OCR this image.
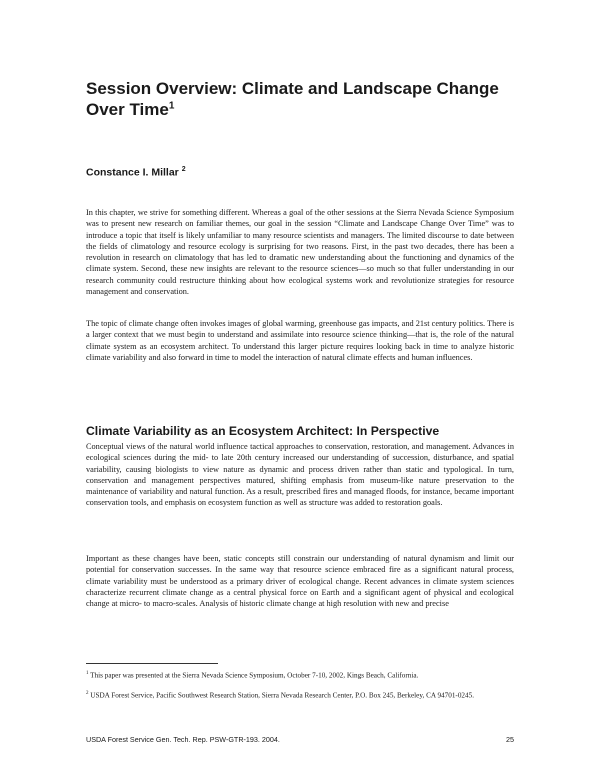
Session Overview: Climate and Landscape Change Over Time$^1$
Constance I. Millar $^2$

In this chapter, we strive for something different. Whereas a goal of the other sessions at the Sierra Nevada Science Symposium was to present new research on familiar themes, our goal in the session “Climate and Landscape Change Over Time” was to introduce a topic that itself is likely unfamiliar to many resource scientists and managers. The limited discourse to date between the fields of climatology and resource ecology is surprising for two reasons. First, in the past two decades, there has been a revolution in research on climatology that has led to dramatic new understanding about the functioning and dynamics of the climate system. Second, these new insights are relevant to the resource sciences—so much so that fuller understanding in our research community could restructure thinking about how ecological systems work and revolutionize strategies for resource management and conservation.

The topic of climate change often invokes images of global warming, greenhouse gas impacts, and 21st century politics. There is a larger context that we must begin to understand and assimilate into resource science thinking—that is, the role of the natural climate system as an ecosystem architect. To understand this larger picture requires looking back in time to analyze historic climate variability and also forward in time to model the interaction of natural climate effects and human influences.

Climate Variability as an Ecosystem Architect: In Perspective

Conceptual views of the natural world influence tactical approaches to conservation, restoration, and management. Advances in ecological sciences during the mid- to late 20th century increased our understanding of succession, disturbance, and spatial variability, causing biologists to view nature as dynamic and process driven rather than static and typological. In turn, conservation and management perspectives matured, shifting emphasis from museum-like nature preservation to the maintenance of variability and natural function. As a result, prescribed fires and managed floods, for instance, became important conservation tools, and emphasis on ecosystem function as well as structure was added to restoration goals.

Important as these changes have been, static concepts still constrain our understanding of natural dynamism and limit our potential for conservation successes. In the same way that resource science embraced fire as a significant natural process, climate variability must be understood as a primary driver of ecological change. Recent advances in climate system sciences characterize recurrent climate change as a central physical force on Earth and a significant agent of physical and ecological change at micro- to macro-scales. Analysis of historic climate change at high resolution with new and precise

$^1$ This paper was presented at the Sierra Nevada Science Symposium, October 7-10, 2002, Kings Beach, California.

$^2$ USDA Forest Service, Pacific Southwest Research Station, Sierra Nevada Research Center, P.O. Box 245, Berkeley, CA 94701-0245.

USDA Forest Service Gen. Tech. Rep. PSW-GTR-193. 2004.	25
